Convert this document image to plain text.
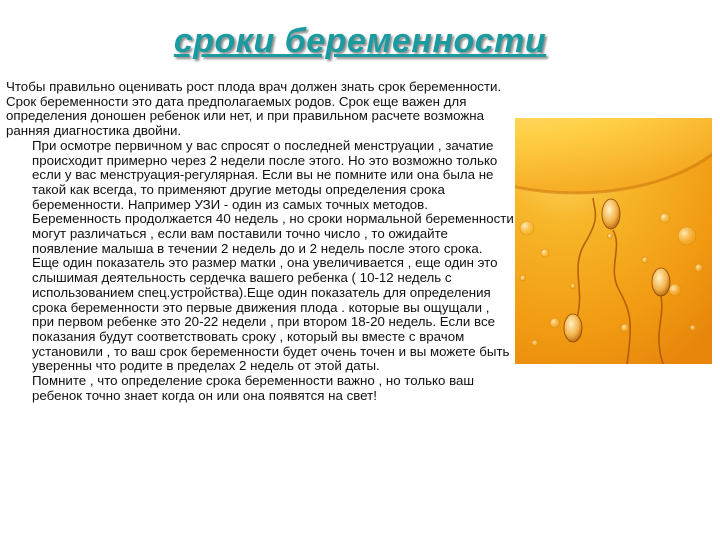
сроки беременности

Чтобы правильно оценивать рост плода врач должен знать срок беременности. Срок беременности это дата предполагаемых родов. Срок еще важен для определения доношен ребенок или нет, и при правильном расчете возможна ранняя диагностика двойни.

При осмотре первичном у вас спросят о последней менструации , зачатие происходит примерно через 2 недели после этого. Но это возможно только если у вас менструация-регулярная. Если вы не помните или она была не такой как всегда, то применяют другие методы определения срока беременности. Например УЗИ - один из самых точных методов. Беременность продолжается 40 недель , но сроки нормальной беременности могут различаться , если вам поставили точно число , то ожидайте появление малыша в течении 2 недель до и 2 недель после этого срока.

Еще один показатель это размер матки , она увеличивается , еще один это слышимая деятельность сердечка вашего ребенка ( 10-12 недель с использованием спец.устройства).Еще один показатель для определения срока беременности это первые движения плода . которые вы ощущали , при первом ребенке это 20-22 недели , при втором 18-20 недель. Если все показания будут соответствовать сроку , который вы вместе с врачом установили , то ваш срок беременности будет очень точен и вы можете быть уверенны что родите в пределах 2 недель от этой даты.

Помните , что определение срока беременности важно , но только ваш ребенок точно знает когда он или она появятся на свет!
